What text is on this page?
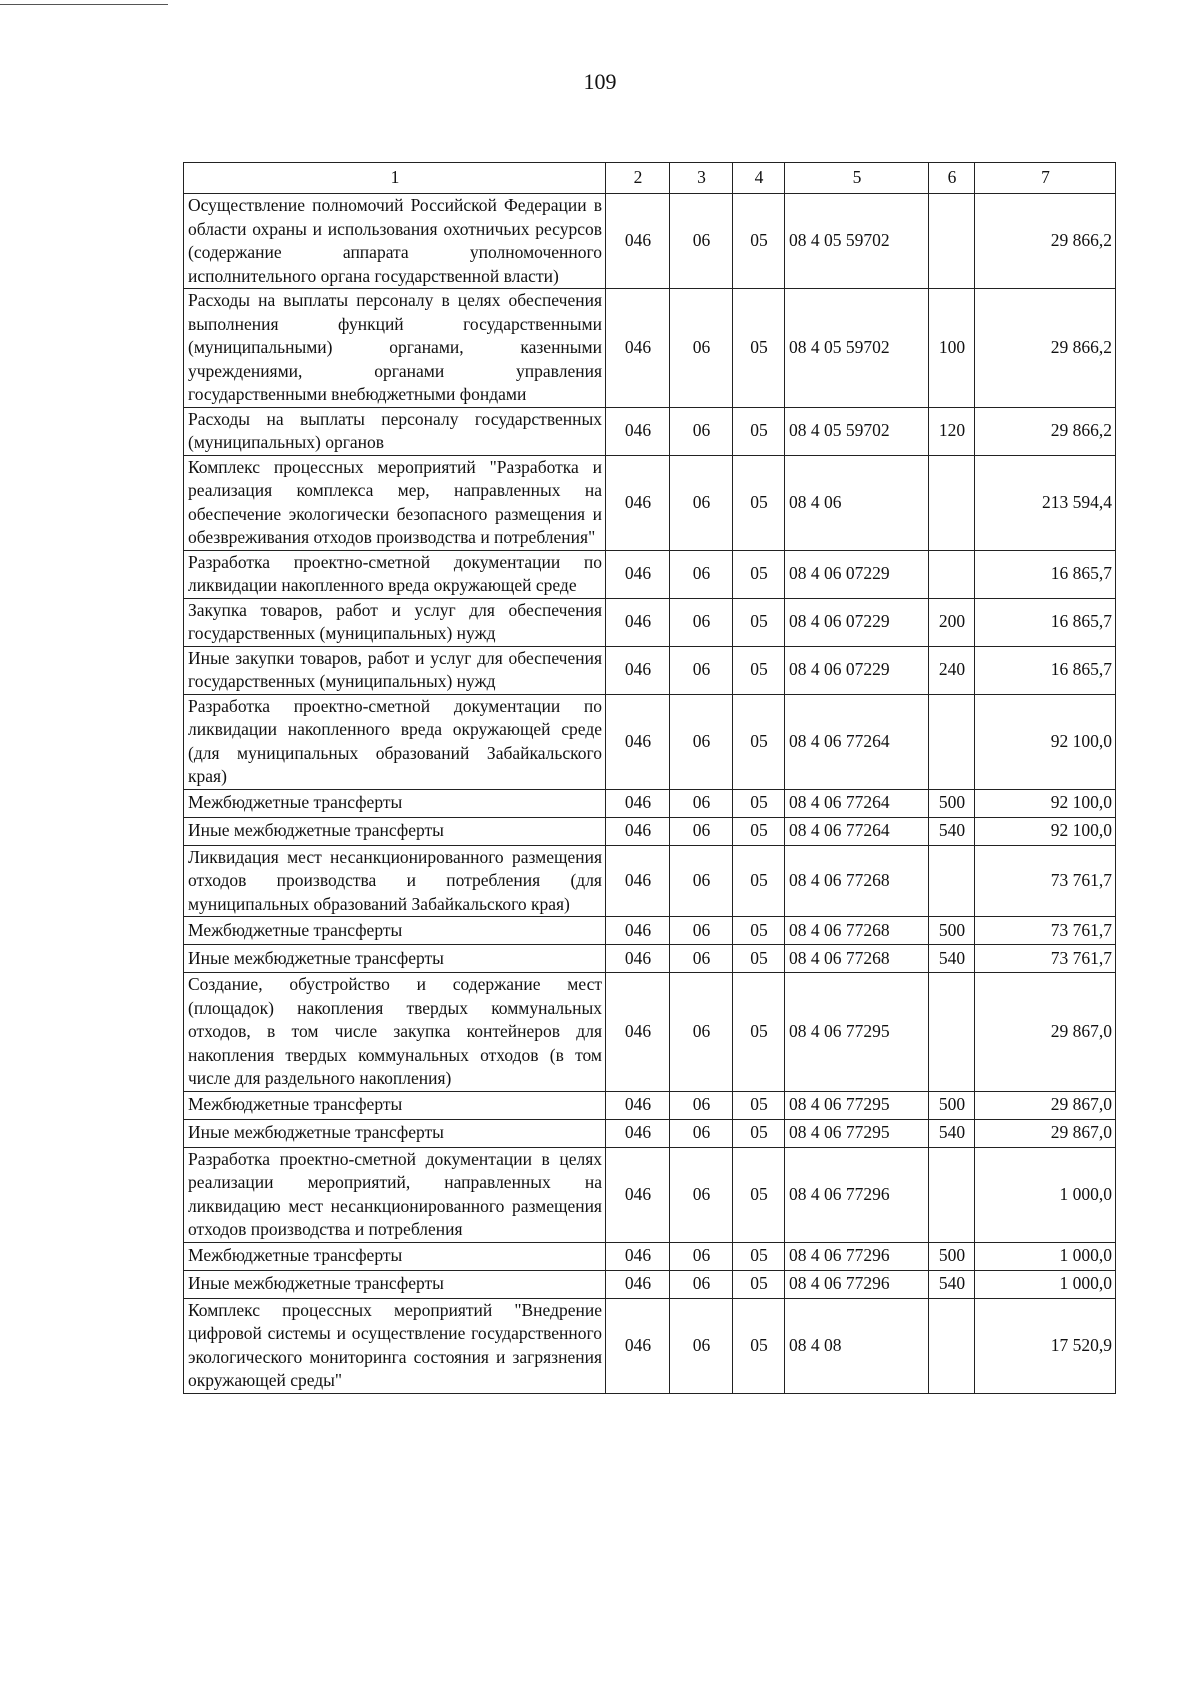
109
1	2	3	4	5	6	7
Осуществление полномочий Российской Федерации в области охраны и использования охотничьих ресурсов (содержание аппарата уполномоченного исполнительного органа государственной власти)	046	06	05	08 4 05 59702		29 866,2
Расходы на выплаты персоналу в целях обеспечения выполнения функций государственными (муниципальными) органами, казенными учреждениями, органами управления государственными внебюджетными фондами	046	06	05	08 4 05 59702	100	29 866,2
Расходы на выплаты персоналу государственных (муниципальных) органов	046	06	05	08 4 05 59702	120	29 866,2
Комплекс процессных мероприятий "Разработка и реализация комплекса мер, направленных на обеспечение экологически безопасного размещения и обезвреживания отходов производства и потребления"	046	06	05	08 4 06		213 594,4
Разработка проектно-сметной документации по ликвидации накопленного вреда окружающей среде	046	06	05	08 4 06 07229		16 865,7
Закупка товаров, работ и услуг для обеспечения государственных (муниципальных) нужд	046	06	05	08 4 06 07229	200	16 865,7
Иные закупки товаров, работ и услуг для обеспечения государственных (муниципальных) нужд	046	06	05	08 4 06 07229	240	16 865,7
Разработка проектно-сметной документации по ликвидации накопленного вреда окружающей среде (для муниципальных образований Забайкальского края)	046	06	05	08 4 06 77264		92 100,0
Межбюджетные трансферты	046	06	05	08 4 06 77264	500	92 100,0
Иные межбюджетные трансферты	046	06	05	08 4 06 77264	540	92 100,0
Ликвидация мест несанкционированного размещения отходов производства и потребления (для муниципальных образований Забайкальского края)	046	06	05	08 4 06 77268		73 761,7
Межбюджетные трансферты	046	06	05	08 4 06 77268	500	73 761,7
Иные межбюджетные трансферты	046	06	05	08 4 06 77268	540	73 761,7
Создание, обустройство и содержание мест (площадок) накопления твердых коммунальных отходов, в том числе закупка контейнеров для накопления твердых коммунальных отходов (в том числе для раздельного накопления)	046	06	05	08 4 06 77295		29 867,0
Межбюджетные трансферты	046	06	05	08 4 06 77295	500	29 867,0
Иные межбюджетные трансферты	046	06	05	08 4 06 77295	540	29 867,0
Разработка проектно-сметной документации в целях реализации мероприятий, направленных на ликвидацию мест несанкционированного размещения отходов производства и потребления	046	06	05	08 4 06 77296		1 000,0
Межбюджетные трансферты	046	06	05	08 4 06 77296	500	1 000,0
Иные межбюджетные трансферты	046	06	05	08 4 06 77296	540	1 000,0
Комплекс процессных мероприятий "Внедрение цифровой системы и осуществление государственного экологического мониторинга состояния и загрязнения окружающей среды"	046	06	05	08 4 08		17 520,9
